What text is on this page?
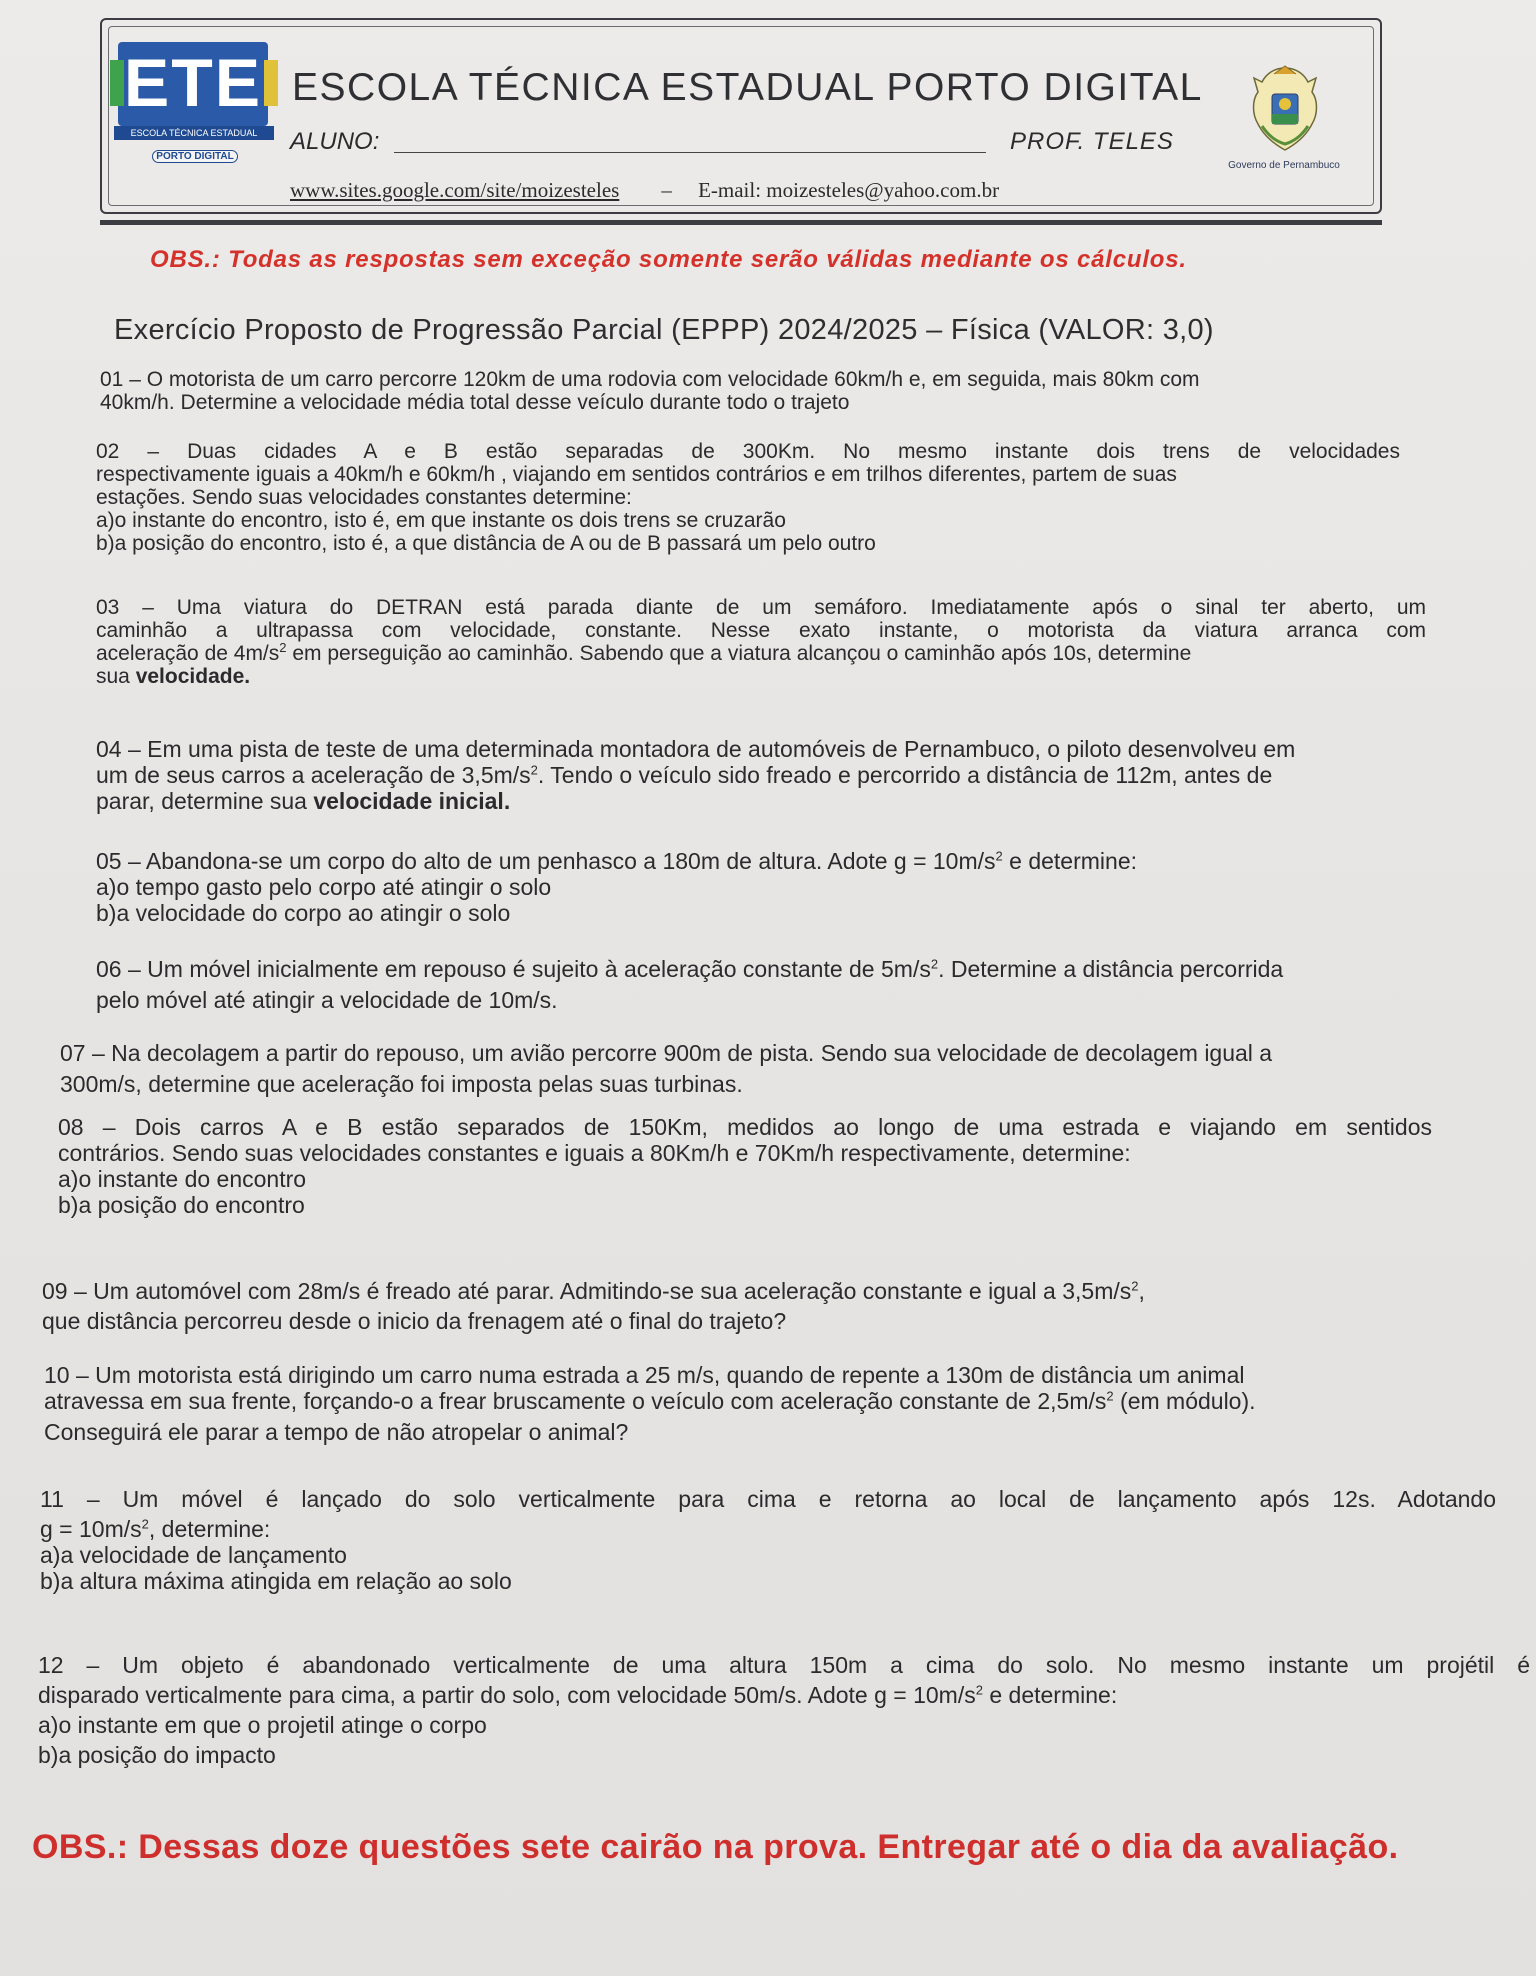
ETE
ESCOLA TÉCNICA ESTADUAL
PORTO DIGITAL
ESCOLA TÉCNICA ESTADUAL PORTO DIGITAL
ALUNO:	PROF. TELES
www.sites.google.com/site/moizesteles – E-mail: moizesteles@yahoo.com.br
Governo de Pernambuco
OBS.: Todas as respostas sem exceção somente serão válidas mediante os cálculos.
Exercício Proposto de Progressão Parcial (EPPP) 2024/2025 – Física (VALOR: 3,0)

01 – O motorista de um carro percorre 120km de uma rodovia com velocidade 60km/h e, em seguida, mais 80km com

40km/h. Determine a velocidade média total desse veículo durante todo o trajeto

02 – Duas cidades A e B estão separadas de 300Km. No mesmo instante dois trens de velocidades

respectivamente iguais a 40km/h e 60km/h , viajando em sentidos contrários e em trilhos diferentes, partem de suas

estações. Sendo suas velocidades constantes determine:

a)o instante do encontro, isto é, em que instante os dois trens se cruzarão

b)a posição do encontro, isto é, a que distância de A ou de B passará um pelo outro

03 – Uma viatura do DETRAN está parada diante de um semáforo. Imediatamente após o sinal ter aberto, um

caminhão a ultrapassa com velocidade, constante. Nesse exato instante, o motorista da viatura arranca com

aceleração de $4m/s^2$ em perseguição ao caminhão. Sabendo que a viatura alcançou o caminhão após 10s, determine

sua velocidade.

04 – Em uma pista de teste de uma determinada montadora de automóveis de Pernambuco, o piloto desenvolveu em

um de seus carros a aceleração de $3,5m/s^2$. Tendo o veículo sido freado e percorrido a distância de 112m, antes de

parar, determine sua velocidade inicial.

05 – Abandona-se um corpo do alto de um penhasco a 180m de altura. Adote $g = 10m/s^2$ e determine:

a)o tempo gasto pelo corpo até atingir o solo

b)a velocidade do corpo ao atingir o solo

06 – Um móvel inicialmente em repouso é sujeito à aceleração constante de $5m/s^2$. Determine a distância percorrida

pelo móvel até atingir a velocidade de 10m/s.

07 – Na decolagem a partir do repouso, um avião percorre 900m de pista. Sendo sua velocidade de decolagem igual a

300m/s, determine que aceleração foi imposta pelas suas turbinas.

08 – Dois carros A e B estão separados de 150Km, medidos ao longo de uma estrada e viajando em sentidos

contrários. Sendo suas velocidades constantes e iguais a 80Km/h e 70Km/h respectivamente, determine:

a)o instante do encontro

b)a posição do encontro

09 – Um automóvel com 28m/s é freado até parar. Admitindo-se sua aceleração constante e igual a $3,5m/s^2$,

que distância percorreu desde o inicio da frenagem até o final do trajeto?

10 – Um motorista está dirigindo um carro numa estrada a 25 m/s, quando de repente a 130m de distância um animal

atravessa em sua frente, forçando-o a frear bruscamente o veículo com aceleração constante de $2,5m/s^2$ (em módulo).

Conseguirá ele parar a tempo de não atropelar o animal?

11 – Um móvel é lançado do solo verticalmente para cima e retorna ao local de lançamento após 12s. Adotando

$g = 10m/s^2$, determine:

a)a velocidade de lançamento

b)a altura máxima atingida em relação ao solo

12 – Um objeto é abandonado verticalmente de uma altura 150m a cima do solo. No mesmo instante um projétil é

disparado verticalmente para cima, a partir do solo, com velocidade 50m/s. Adote $g = 10m/s^2$ e determine:

a)o instante em que o projetil atinge o corpo

b)a posição do impacto

OBS.: Dessas doze questões sete cairão na prova. Entregar até o dia da avaliação.
